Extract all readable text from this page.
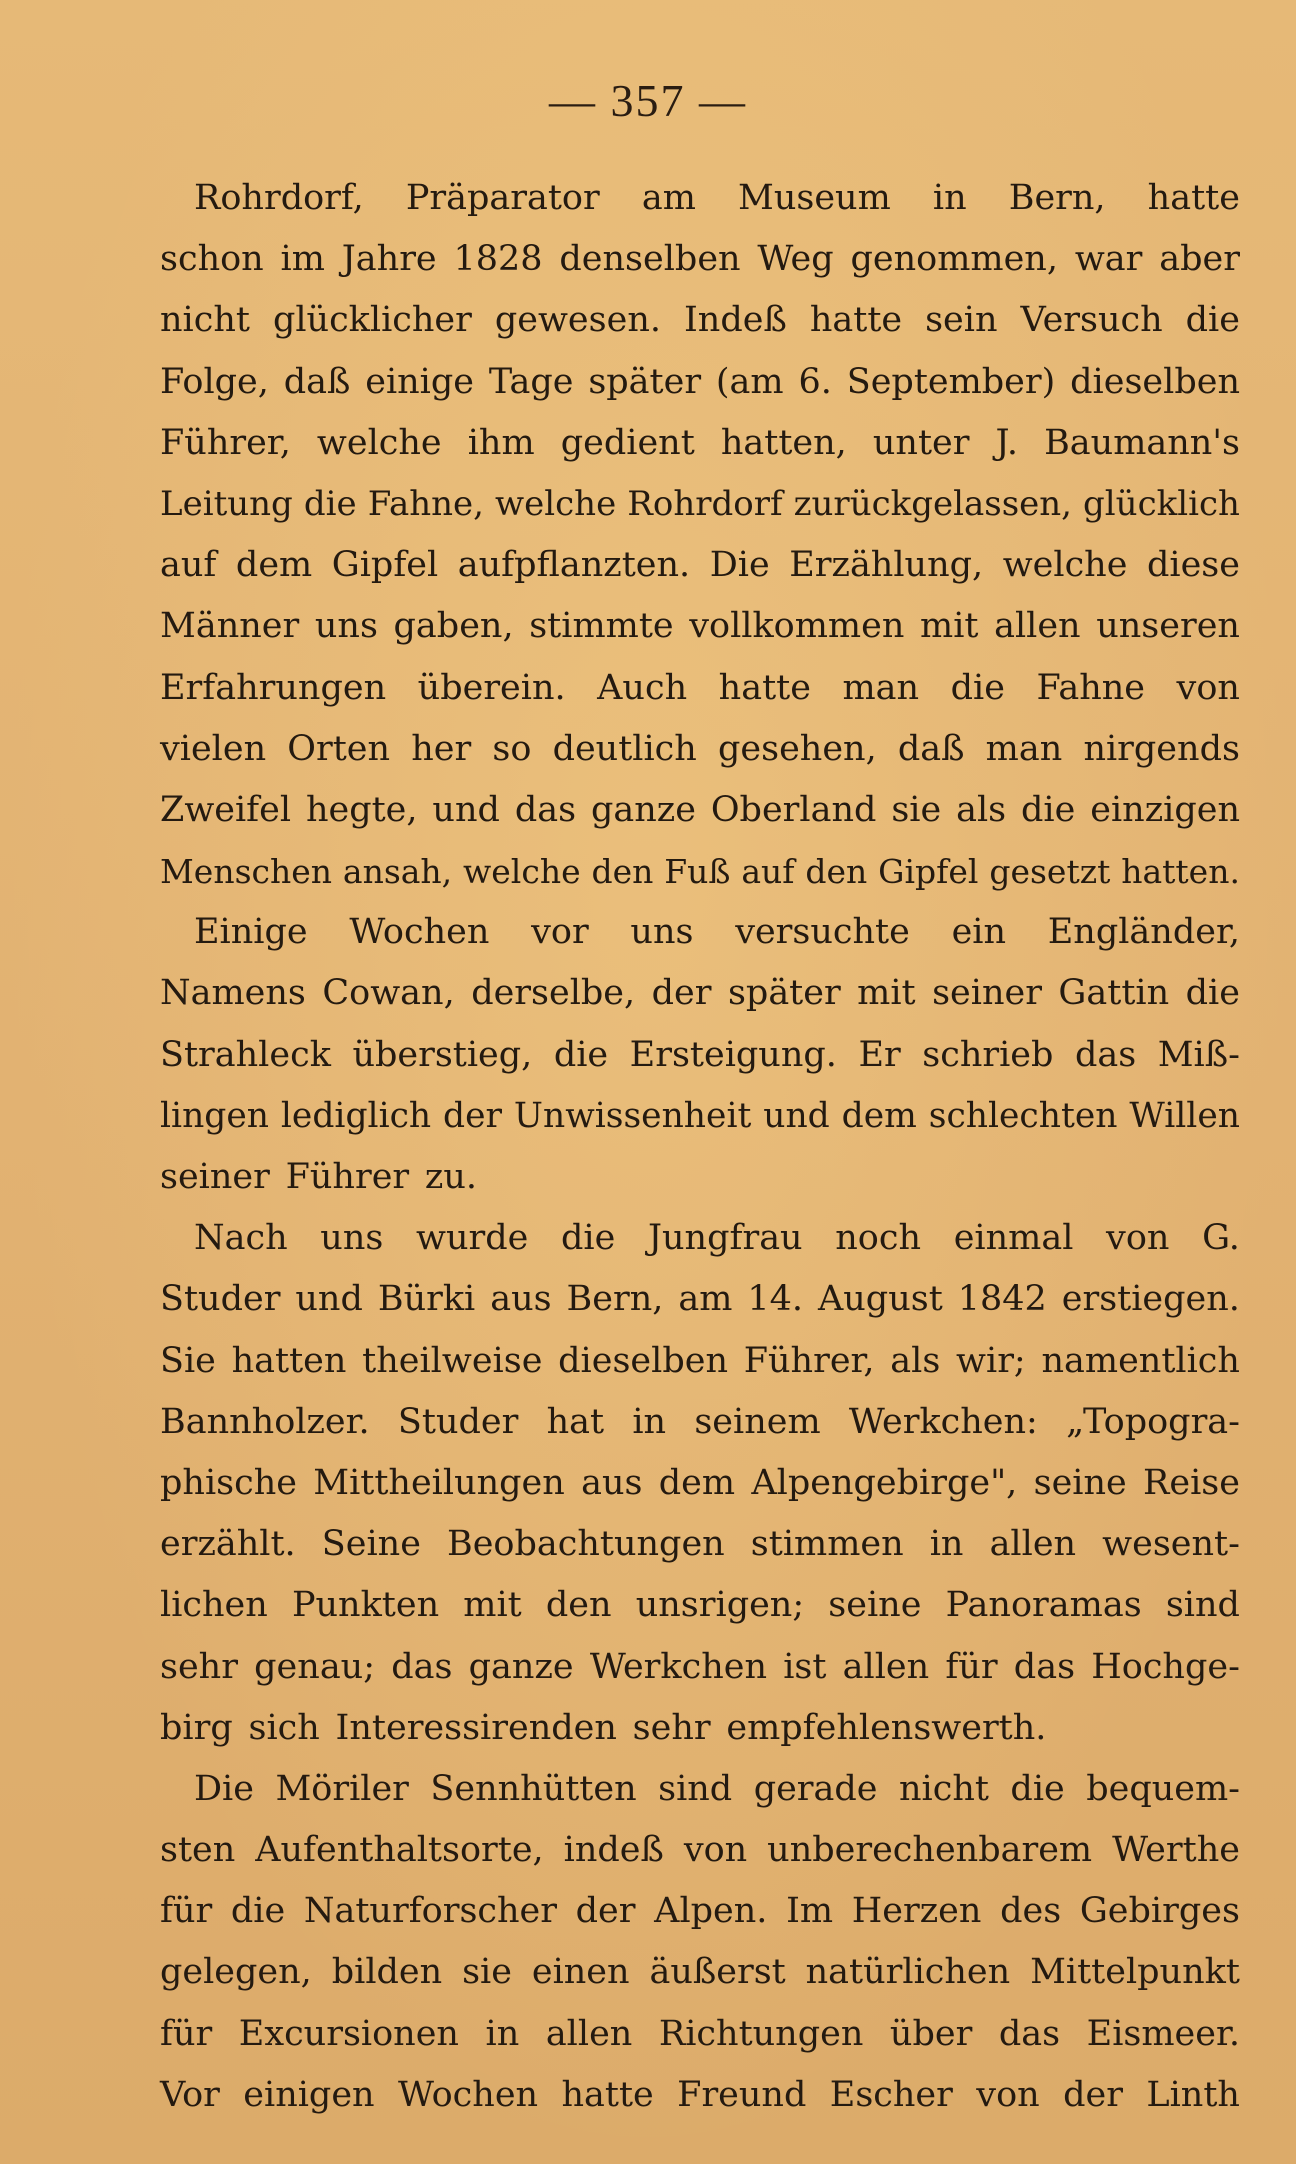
— 357 —
Rohrdorf, Präparator am Museum in Bern, hatte
schon im Jahre 1828 denselben Weg genommen, war aber
nicht glücklicher gewesen. Indeß hatte sein Versuch die
Folge, daß einige Tage später (am 6. September) dieselben
Führer, welche ihm gedient hatten, unter J. Baumann's
Leitung die Fahne, welche Rohrdorf zurückgelassen, glücklich
auf dem Gipfel aufpflanzten. Die Erzählung, welche diese
Männer uns gaben, stimmte vollkommen mit allen unseren
Erfahrungen überein. Auch hatte man die Fahne von
vielen Orten her so deutlich gesehen, daß man nirgends
Zweifel hegte, und das ganze Oberland sie als die einzigen
Menschen ansah, welche den Fuß auf den Gipfel gesetzt hatten.
Einige Wochen vor uns versuchte ein Engländer,
Namens Cowan, derselbe, der später mit seiner Gattin die
Strahleck überstieg, die Ersteigung. Er schrieb das Miß-
lingen lediglich der Unwissenheit und dem schlechten Willen
seiner Führer zu.
Nach uns wurde die Jungfrau noch einmal von G.
Studer und Bürki aus Bern, am 14. August 1842 erstiegen.
Sie hatten theilweise dieselben Führer, als wir; namentlich
Bannholzer. Studer hat in seinem Werkchen: „Topogra-
phische Mittheilungen aus dem Alpengebirge", seine Reise
erzählt. Seine Beobachtungen stimmen in allen wesent-
lichen Punkten mit den unsrigen; seine Panoramas sind
sehr genau; das ganze Werkchen ist allen für das Hochge-
birg sich Interessirenden sehr empfehlenswerth.
Die Möriler Sennhütten sind gerade nicht die bequem-
sten Aufenthaltsorte, indeß von unberechenbarem Werthe
für die Naturforscher der Alpen. Im Herzen des Gebirges
gelegen, bilden sie einen äußerst natürlichen Mittelpunkt
für Excursionen in allen Richtungen über das Eismeer.
Vor einigen Wochen hatte Freund Escher von der Linth
